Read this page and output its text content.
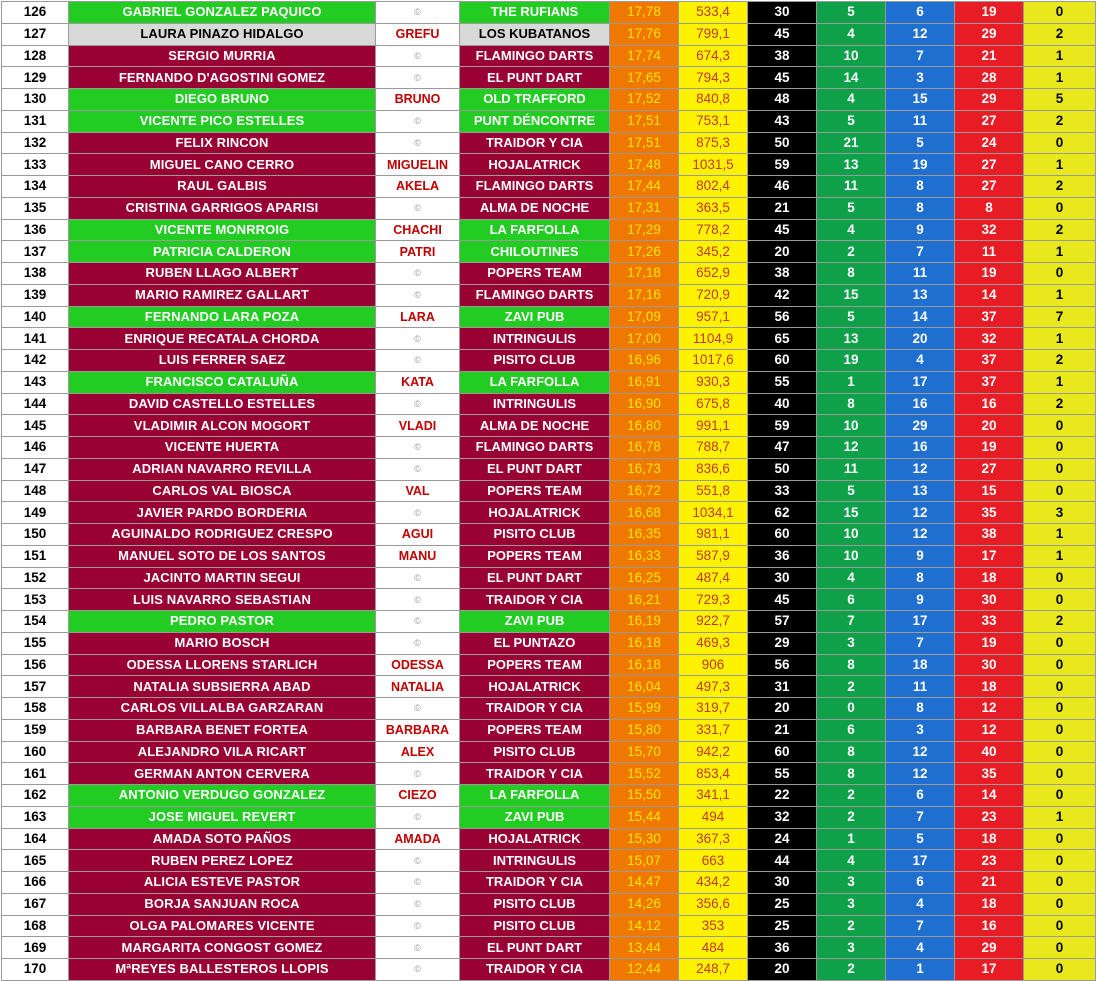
126	GABRIEL GONZALEZ PAQUICO	©	THE RUFIANS	17,78	533,4	30	5	6	19	0
127	LAURA PINAZO HIDALGO	GREFU	LOS KUBATANOS	17,76	799,1	45	4	12	29	2
128	SERGIO MURRIA	©	FLAMINGO DARTS	17,74	674,3	38	10	7	21	1
129	FERNANDO D'AGOSTINI GOMEZ	©	EL PUNT DART	17,65	794,3	45	14	3	28	1
130	DIEGO BRUNO	BRUNO	OLD TRAFFORD	17,52	840,8	48	4	15	29	5
131	VICENTE PICO ESTELLES	©	PUNT DÉNCONTRE	17,51	753,1	43	5	11	27	2
132	FELIX RINCON	©	TRAIDOR Y CIA	17,51	875,3	50	21	5	24	0
133	MIGUEL CANO CERRO	MIGUELIN	HOJALATRICK	17,48	1031,5	59	13	19	27	1
134	RAUL GALBIS	AKELA	FLAMINGO DARTS	17,44	802,4	46	11	8	27	2
135	CRISTINA GARRIGOS APARISI	©	ALMA DE NOCHE	17,31	363,5	21	5	8	8	0
136	VICENTE MONRROIG	CHACHI	LA FARFOLLA	17,29	778,2	45	4	9	32	2
137	PATRICIA CALDERON	PATRI	CHILOUTINES	17,26	345,2	20	2	7	11	1
138	RUBEN LLAGO ALBERT	©	POPERS TEAM	17,18	652,9	38	8	11	19	0
139	MARIO RAMIREZ GALLART	©	FLAMINGO DARTS	17,16	720,9	42	15	13	14	1
140	FERNANDO LARA POZA	LARA	ZAVI PUB	17,09	957,1	56	5	14	37	7
141	ENRIQUE RECATALA CHORDA	©	INTRINGULIS	17,00	1104,9	65	13	20	32	1
142	LUIS FERRER SAEZ	©	PISITO CLUB	16,96	1017,6	60	19	4	37	2
143	FRANCISCO CATALUÑA	KATA	LA FARFOLLA	16,91	930,3	55	1	17	37	1
144	DAVID CASTELLO ESTELLES	©	INTRINGULIS	16,90	675,8	40	8	16	16	2
145	VLADIMIR ALCON MOGORT	VLADI	ALMA DE NOCHE	16,80	991,1	59	10	29	20	0
146	VICENTE HUERTA	©	FLAMINGO DARTS	16,78	788,7	47	12	16	19	0
147	ADRIAN NAVARRO REVILLA	©	EL PUNT DART	16,73	836,6	50	11	12	27	0
148	CARLOS VAL BIOSCA	VAL	POPERS TEAM	16,72	551,8	33	5	13	15	0
149	JAVIER PARDO BORDERIA	©	HOJALATRICK	16,68	1034,1	62	15	12	35	3
150	AGUINALDO RODRIGUEZ CRESPO	AGUI	PISITO CLUB	16,35	981,1	60	10	12	38	1
151	MANUEL SOTO DE LOS SANTOS	MANU	POPERS TEAM	16,33	587,9	36	10	9	17	1
152	JACINTO MARTIN SEGUI	©	EL PUNT DART	16,25	487,4	30	4	8	18	0
153	LUIS NAVARRO SEBASTIAN	©	TRAIDOR Y CIA	16,21	729,3	45	6	9	30	0
154	PEDRO PASTOR	©	ZAVI PUB	16,19	922,7	57	7	17	33	2
155	MARIO BOSCH	©	EL PUNTAZO	16,18	469,3	29	3	7	19	0
156	ODESSA LLORENS STARLICH	ODESSA	POPERS TEAM	16,18	906	56	8	18	30	0
157	NATALIA SUBSIERRA ABAD	NATALIA	HOJALATRICK	16,04	497,3	31	2	11	18	0
158	CARLOS VILLALBA GARZARAN	©	TRAIDOR Y CIA	15,99	319,7	20	0	8	12	0
159	BARBARA BENET FORTEA	BARBARA	POPERS TEAM	15,80	331,7	21	6	3	12	0
160	ALEJANDRO VILA RICART	ALEX	PISITO CLUB	15,70	942,2	60	8	12	40	0
161	GERMAN ANTON CERVERA	©	TRAIDOR Y CIA	15,52	853,4	55	8	12	35	0
162	ANTONIO VERDUGO GONZALEZ	CIEZO	LA FARFOLLA	15,50	341,1	22	2	6	14	0
163	JOSE MIGUEL REVERT	©	ZAVI PUB	15,44	494	32	2	7	23	1
164	AMADA SOTO PAÑOS	AMADA	HOJALATRICK	15,30	367,3	24	1	5	18	0
165	RUBEN PEREZ LOPEZ	©	INTRINGULIS	15,07	663	44	4	17	23	0
166	ALICIA ESTEVE PASTOR	©	TRAIDOR Y CIA	14,47	434,2	30	3	6	21	0
167	BORJA SANJUAN ROCA	©	PISITO CLUB	14,26	356,6	25	3	4	18	0
168	OLGA PALOMARES VICENTE	©	PISITO CLUB	14,12	353	25	2	7	16	0
169	MARGARITA CONGOST GOMEZ	©	EL PUNT DART	13,44	484	36	3	4	29	0
170	MªREYES BALLESTEROS LLOPIS	©	TRAIDOR Y CIA	12,44	248,7	20	2	1	17	0
